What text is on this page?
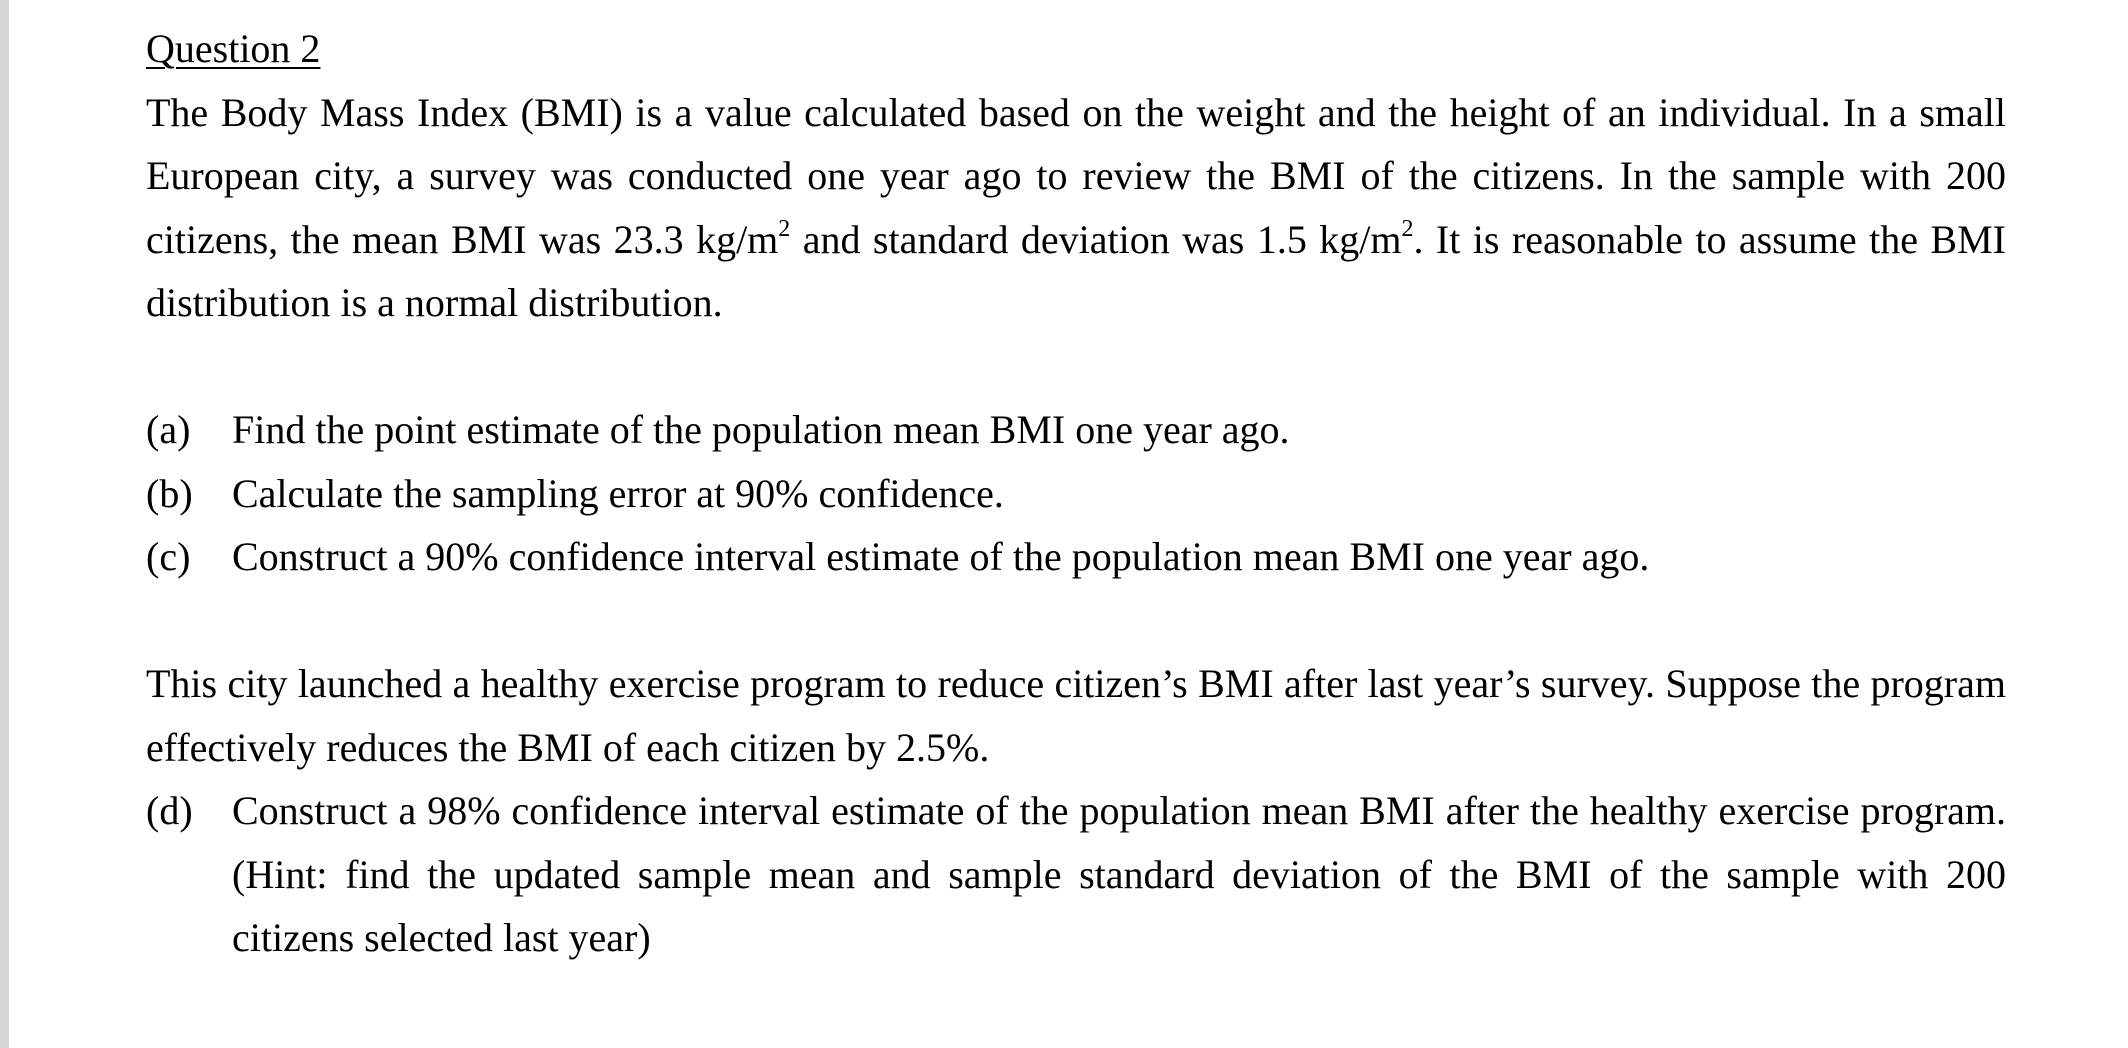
Question 2

The Body Mass Index (BMI) is a value calculated based on the weight and the height of an individual. In a small European city, a survey was conducted one year ago to review the BMI of the citizens. In the sample with 200 citizens, the mean BMI was 23.3 $kg/m^2$ and standard deviation was 1.5 $kg/m^2$. It is reasonable to assume the BMI distribution is a normal distribution.

(a) Find the point estimate of the population mean BMI one year ago.
(b) Calculate the sampling error at 90% confidence.
(c) Construct a 90% confidence interval estimate of the population mean BMI one year ago.

This city launched a healthy exercise program to reduce citizen’s BMI after last year’s survey. Suppose the program effectively reduces the BMI of each citizen by 2.5%.

(d) Construct a 98% confidence interval estimate of the population mean BMI after the healthy exercise program. (Hint: find the updated sample mean and sample standard deviation of the BMI of the sample with 200 citizens selected last year)
